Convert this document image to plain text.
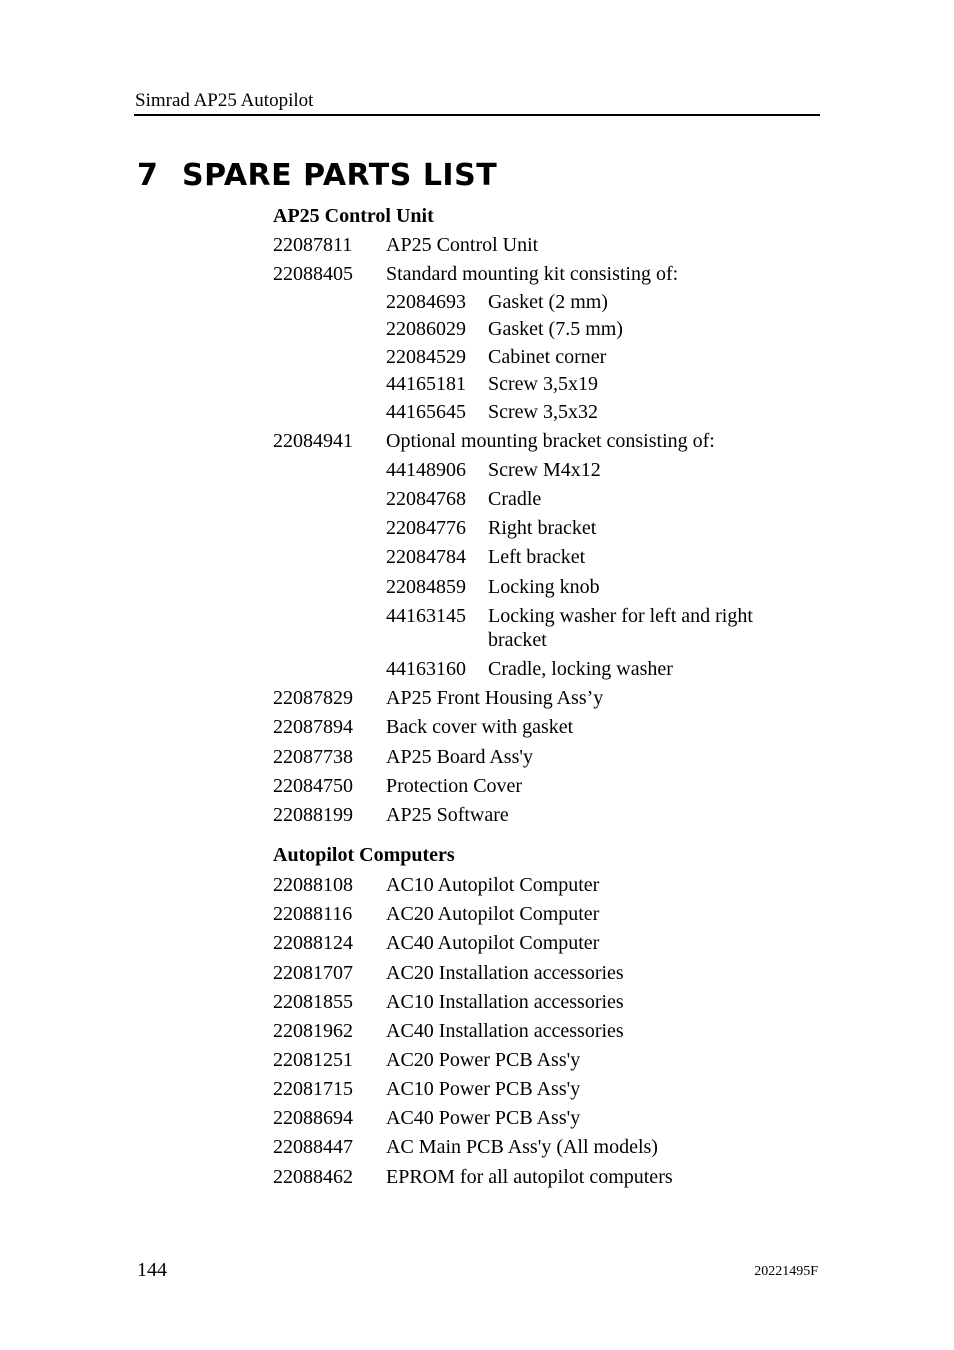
Simrad AP25 Autopilot
7 SPARE PARTS LIST
AP25 Control Unit
22087811 AP25 Control Unit
22088405 Standard mounting kit consisting of:
22084693 Gasket (2 mm)
22086029 Gasket (7.5 mm)
22084529 Cabinet corner
44165181 Screw 3,5x19
44165645 Screw 3,5x32
22084941 Optional mounting bracket consisting of:
44148906 Screw M4x12
22084768 Cradle
22084776 Right bracket
22084784 Left bracket
22084859 Locking knob
44163145 Locking washer for left and right bracket
44163160 Cradle, locking washer
22087829 AP25 Front Housing Ass’y
22087894 Back cover with gasket
22087738 AP25 Board Ass'y
22084750 Protection Cover
22088199 AP25 Software
Autopilot Computers
22088108 AC10 Autopilot Computer
22088116 AC20 Autopilot Computer
22088124 AC40 Autopilot Computer
22081707 AC20 Installation accessories
22081855 AC10 Installation accessories
22081962 AC40 Installation accessories
22081251 AC20 Power PCB Ass'y
22081715 AC10 Power PCB Ass'y
22088694 AC40 Power PCB Ass'y
22088447 AC Main PCB Ass'y (All models)
22088462 EPROM for all autopilot computers
144	20221495F
